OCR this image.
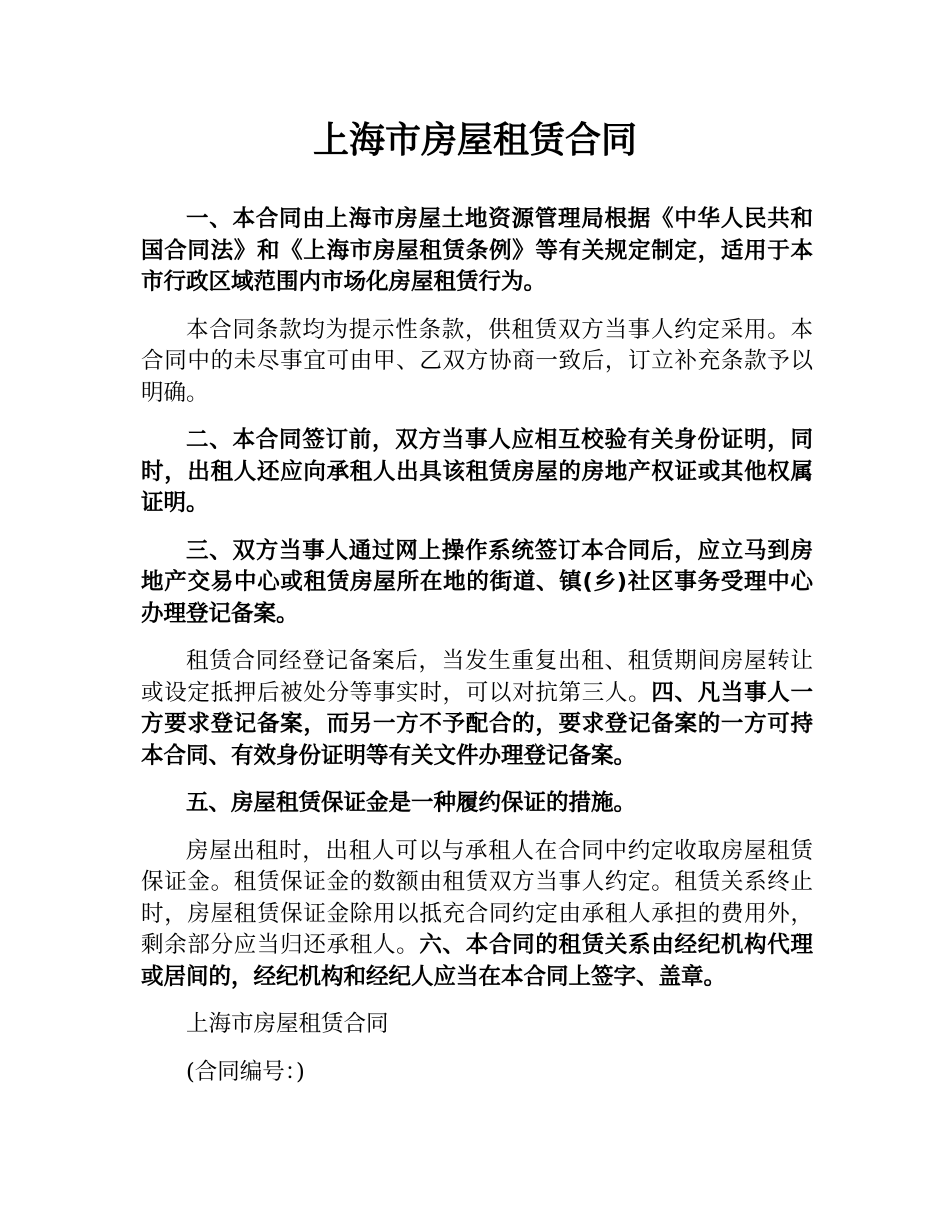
上海市房屋租赁合同

一、本合同由上海市房屋土地资源管理局根据《中华人民共和国合同法》和《上海市房屋租赁条例》等有关规定制定，适用于本市行政区域范围内市场化房屋租赁行为。

本合同条款均为提示性条款，供租赁双方当事人约定采用。本合同中的未尽事宜可由甲、乙双方协商一致后，订立补充条款予以明确。

二、本合同签订前，双方当事人应相互校验有关身份证明，同时，出租人还应向承租人出具该租赁房屋的房地产权证或其他权属证明。

三、双方当事人通过网上操作系统签订本合同后，应立马到房地产交易中心或租赁房屋所在地的街道、镇(乡)社区事务受理中心办理登记备案。

租赁合同经登记备案后，当发生重复出租、租赁期间房屋转让或设定抵押后被处分等事实时，可以对抗第三人。四、凡当事人一方要求登记备案，而另一方不予配合的，要求登记备案的一方可持本合同、有效身份证明等有关文件办理登记备案。

五、房屋租赁保证金是一种履约保证的措施。

房屋出租时，出租人可以与承租人在合同中约定收取房屋租赁保证金。租赁保证金的数额由租赁双方当事人约定。租赁关系终止时，房屋租赁保证金除用以抵充合同约定由承租人承担的费用外，剩余部分应当归还承租人。六、本合同的租赁关系由经纪机构代理或居间的，经纪机构和经纪人应当在本合同上签字、盖章。

上海市房屋租赁合同

(合同编号：)
